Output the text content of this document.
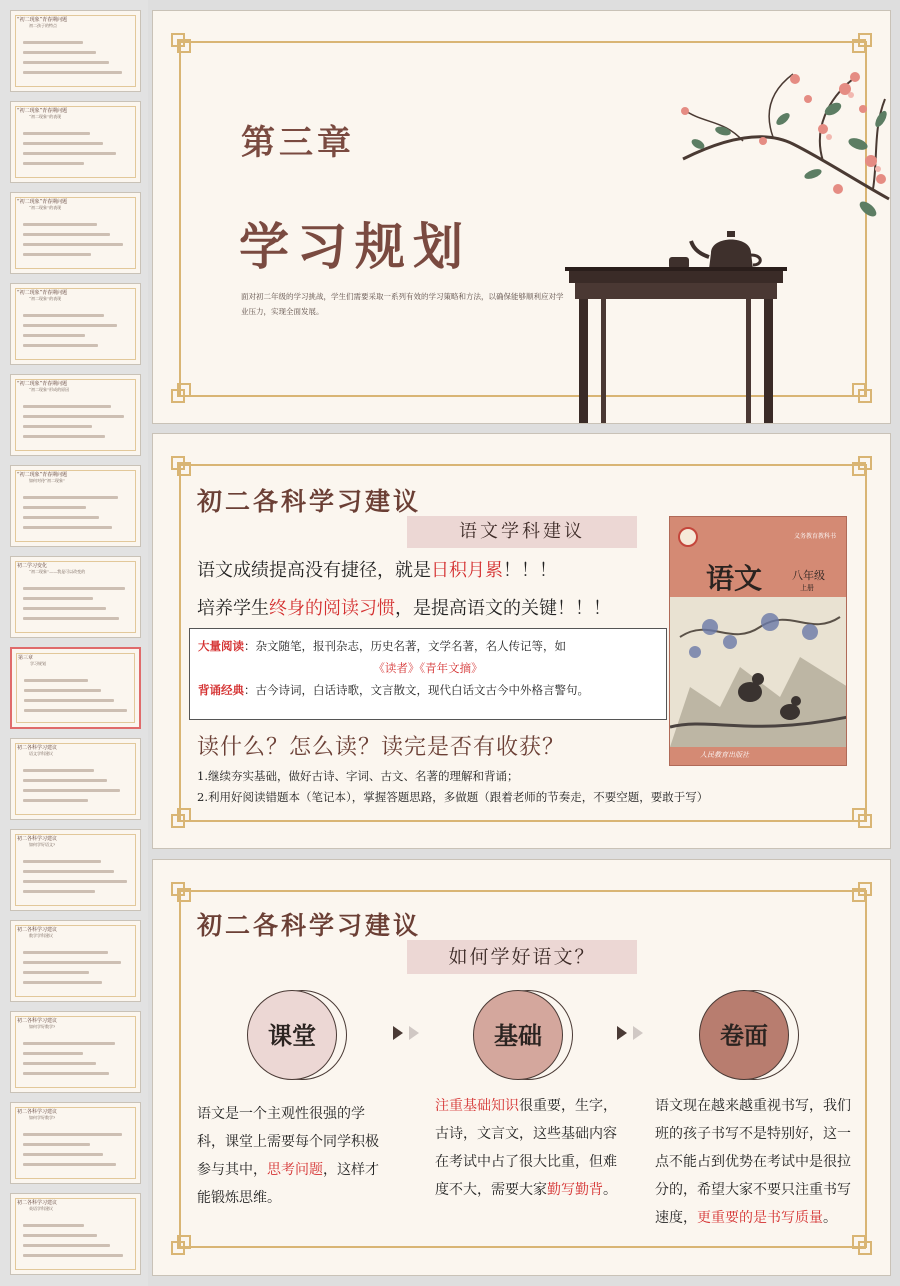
“初二现象”青春期问题
初二孩子的特点
“初二现象”青春期问题
“初二现象”的表现
“初二现象”青春期问题
“初二现象”的表现
“初二现象”青春期问题
“初二现象”的表现
“初二现象”青春期问题
“初二现象”形成的原因
“初二现象”青春期问题
如何对待“初二现象”
初二学习变化
“初二现象”——我是可以改变的
第三章
学习规划
初二各科学习建议
语文学科建议
初二各科学习建议
如何学好语文?
初二各科学习建议
数学学科建议
初二各科学习建议
如何学好数学?
初二各科学习建议
如何学好数学?
初二各科学习建议
英语学科建议
第三章
学习规划
面对初二年级的学习挑战，学生们需要采取一系列有效的学习策略和方法，以确保能够顺利应对学业压力，实现全面发展。
初二各科学习建议
语文学科建议
语文成绩提高没有捷径，就是日积月累！！！
培养学生终身的阅读习惯，是提高语文的关键！！！
大量阅读：杂文随笔，报刊杂志，历史名著，文学名著，名人传记等，如
《读者》《青年文摘》
背诵经典：古今诗词，白话诗歌，文言散文，现代白话文古今中外格言警句。
读什么？怎么读？读完是否有收获？
1.继续夯实基础，做好古诗、字词、古文、名著的理解和背诵；
2.利用好阅读错题本（笔记本），掌握答题思路，多做题（跟着老师的节奏走，不要空题，要敢于写）
义务教育教科书
语文	八年级
上册
人民教育出版社
初二各科学习建议
如何学好语文？
课堂	基础	卷面
语文是一个主观性很强的学科，课堂上需要每个同学积极参与其中，思考问题，这样才能锻炼思维。
注重基础知识很重要，生字，古诗，文言文，这些基础内容在考试中占了很大比重，但难度不大，需要大家勤写勤背。
语文现在越来越重视书写，我们班的孩子书写不是特别好，这一点不能占到优势在考试中是很拉分的，希望大家不要只注重书写速度，更重要的是书写质量。
